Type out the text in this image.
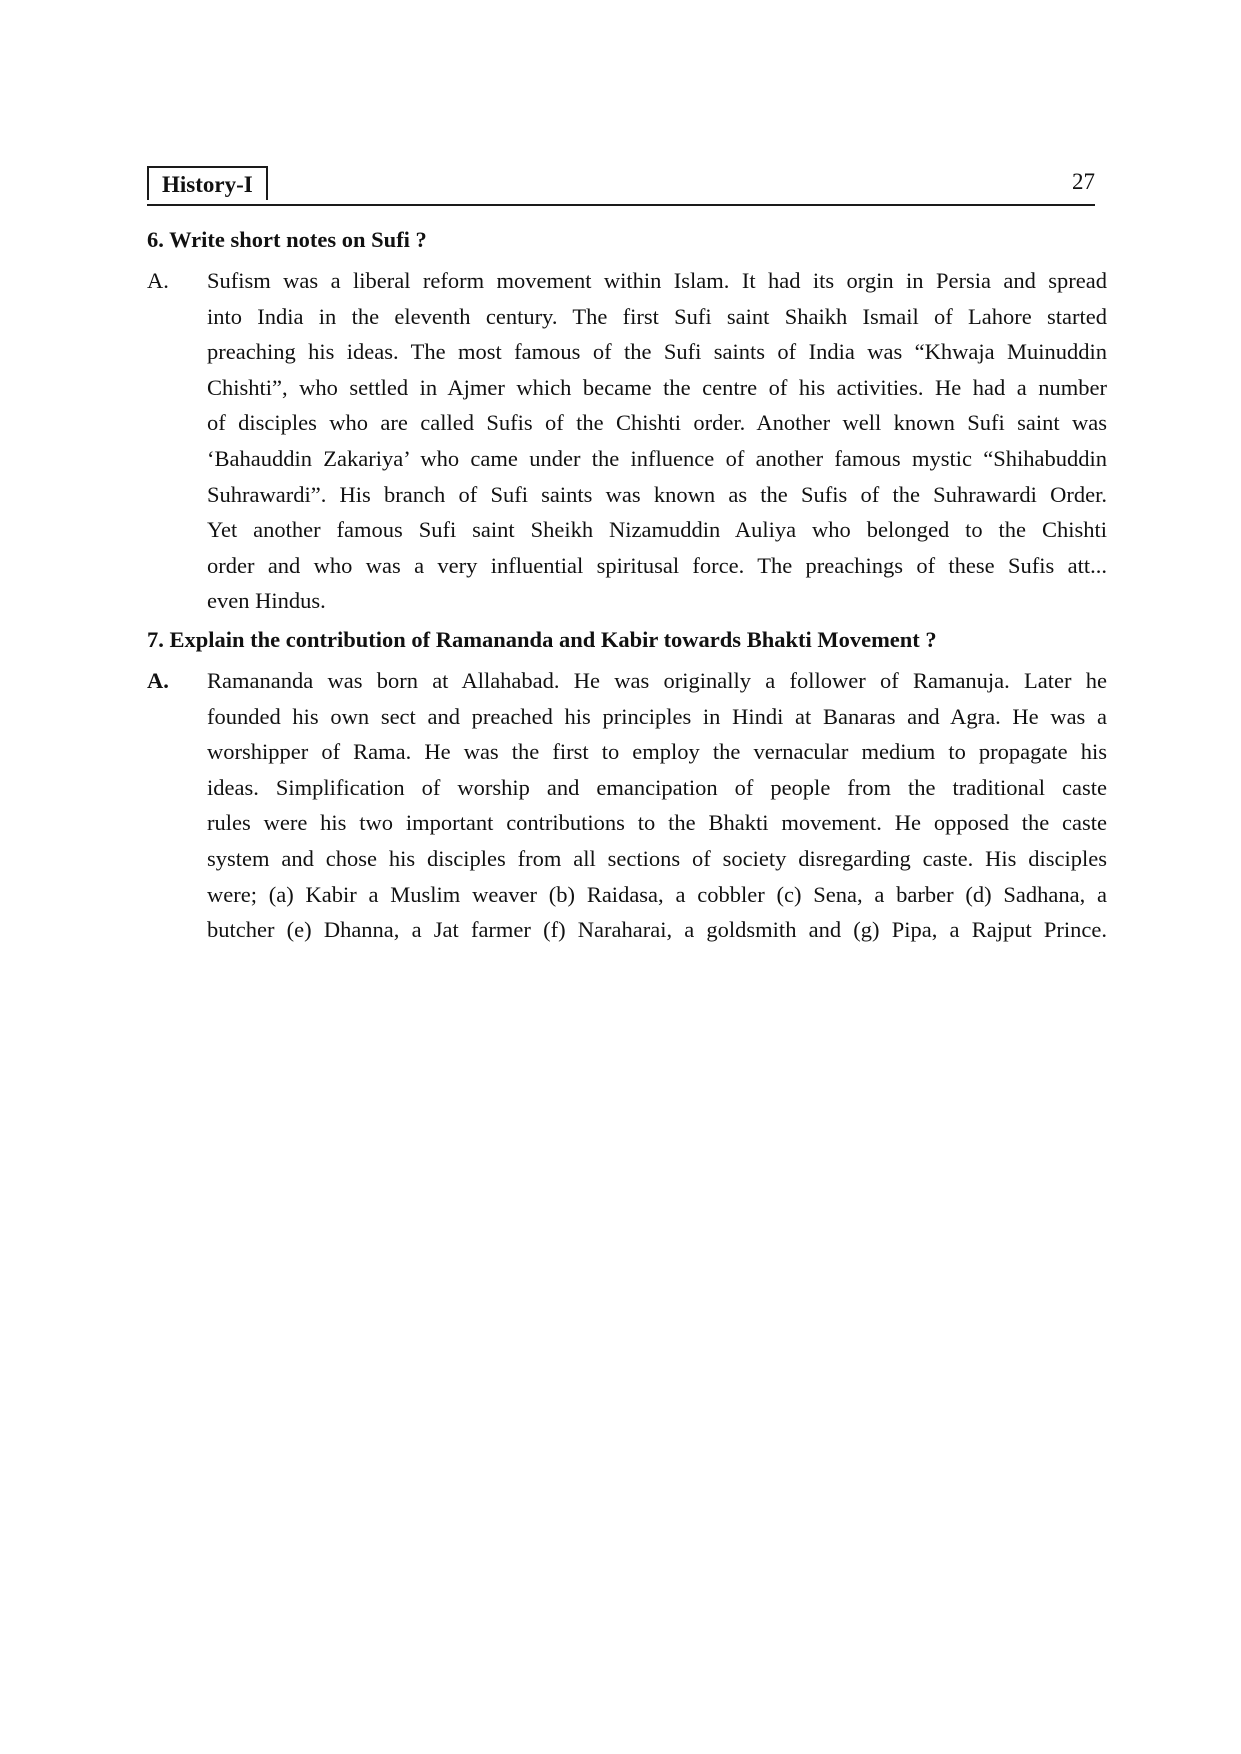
History-I	27

6. Write short notes on Sufi ?

A. Sufism was a liberal reform movement within Islam. It had its orgin in Persia and spread
into India in the eleventh century. The first Sufi saint Shaikh Ismail of Lahore started
preaching his ideas. The most famous of the Sufi saints of India was “Khwaja Muinuddin
Chishti”, who settled in Ajmer which became the centre of his activities. He had a number
of disciples who are called Sufis of the Chishti order. Another well known Sufi saint was
‘Bahauddin Zakariya’ who came under the influence of another famous mystic “Shihabuddin
Suhrawardi”. His branch of Sufi saints was known as the Sufis of the Suhrawardi Order.
Yet another famous Sufi saint Sheikh Nizamuddin Auliya who belonged to the Chishti
order and who was a very influential spiritusal force. The preachings of these Sufis att...
even Hindus.

7. Explain the contribution of Ramananda and Kabir towards Bhakti Movement ?

A. Ramananda was born at Allahabad. He was originally a follower of Ramanuja. Later he
founded his own sect and preached his principles in Hindi at Banaras and Agra. He was a
worshipper of Rama. He was the first to employ the vernacular medium to propagate his
ideas. Simplification of worship and emancipation of people from the traditional caste
rules were his two important contributions to the Bhakti movement. He opposed the caste
system and chose his disciples from all sections of society disregarding caste. His disciples
were; (a) Kabir a Muslim weaver (b) Raidasa, a cobbler (c) Sena, a barber (d) Sadhana, a
butcher (e) Dhanna, a Jat farmer (f) Naraharai, a goldsmith and (g) Pipa, a Rajput Prince.
